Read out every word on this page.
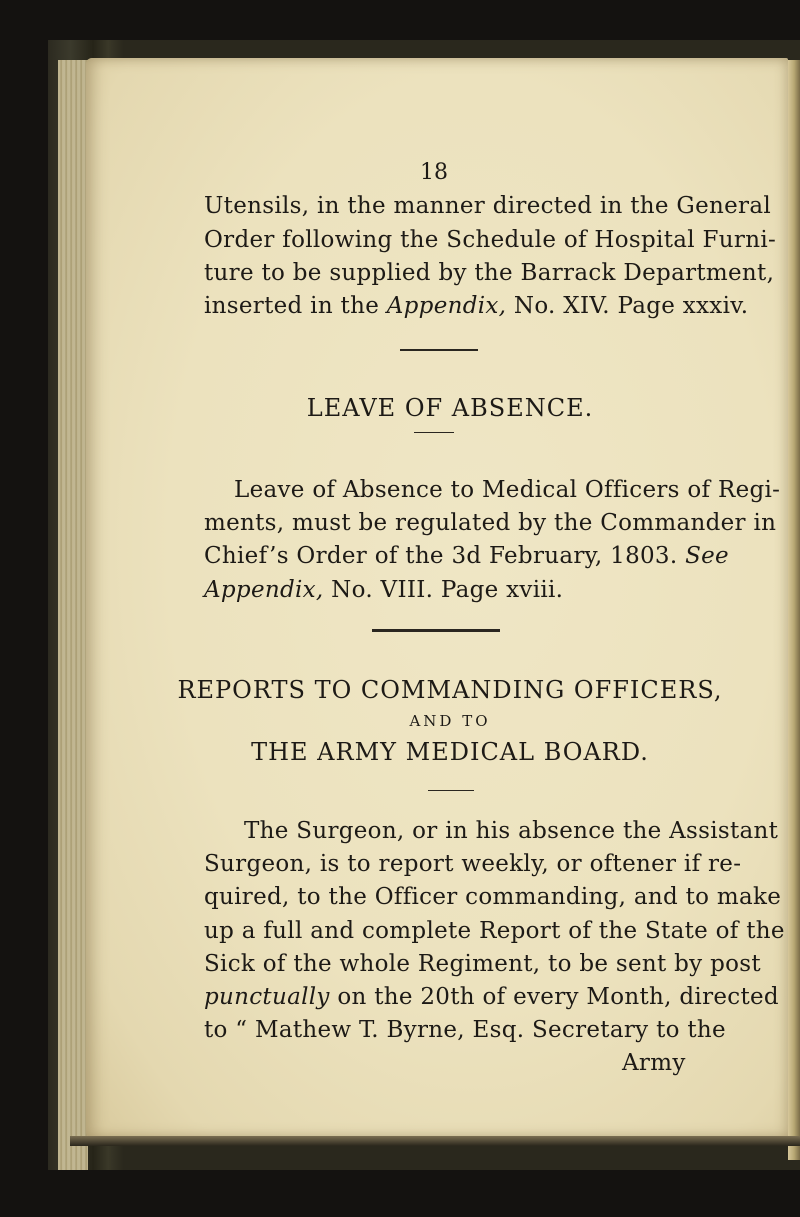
18
Utensils, in the manner directed in the General
Order following the Schedule of Hospital Furni-
ture to be supplied by the Barrack Department,
inserted in the Appendix, No. XIV. Page xxxiv.
LEAVE OF ABSENCE.
Leave of Absence to Medical Officers of Regi-
ments, must be regulated by the Commander in
Chief’s Order of the 3d February, 1803. See
Appendix, No. VIII. Page xviii.
REPORTS TO COMMANDING OFFICERS,
AND TO
THE ARMY MEDICAL BOARD.
The Surgeon, or in his absence the Assistant
Surgeon, is to report weekly, or oftener if re-
quired, to the Officer commanding, and to make
up a full and complete Report of the State of the
Sick of the whole Regiment, to be sent by post
punctually on the 20th of every Month, directed
to “ Mathew T. Byrne, Esq. Secretary to the
Army
